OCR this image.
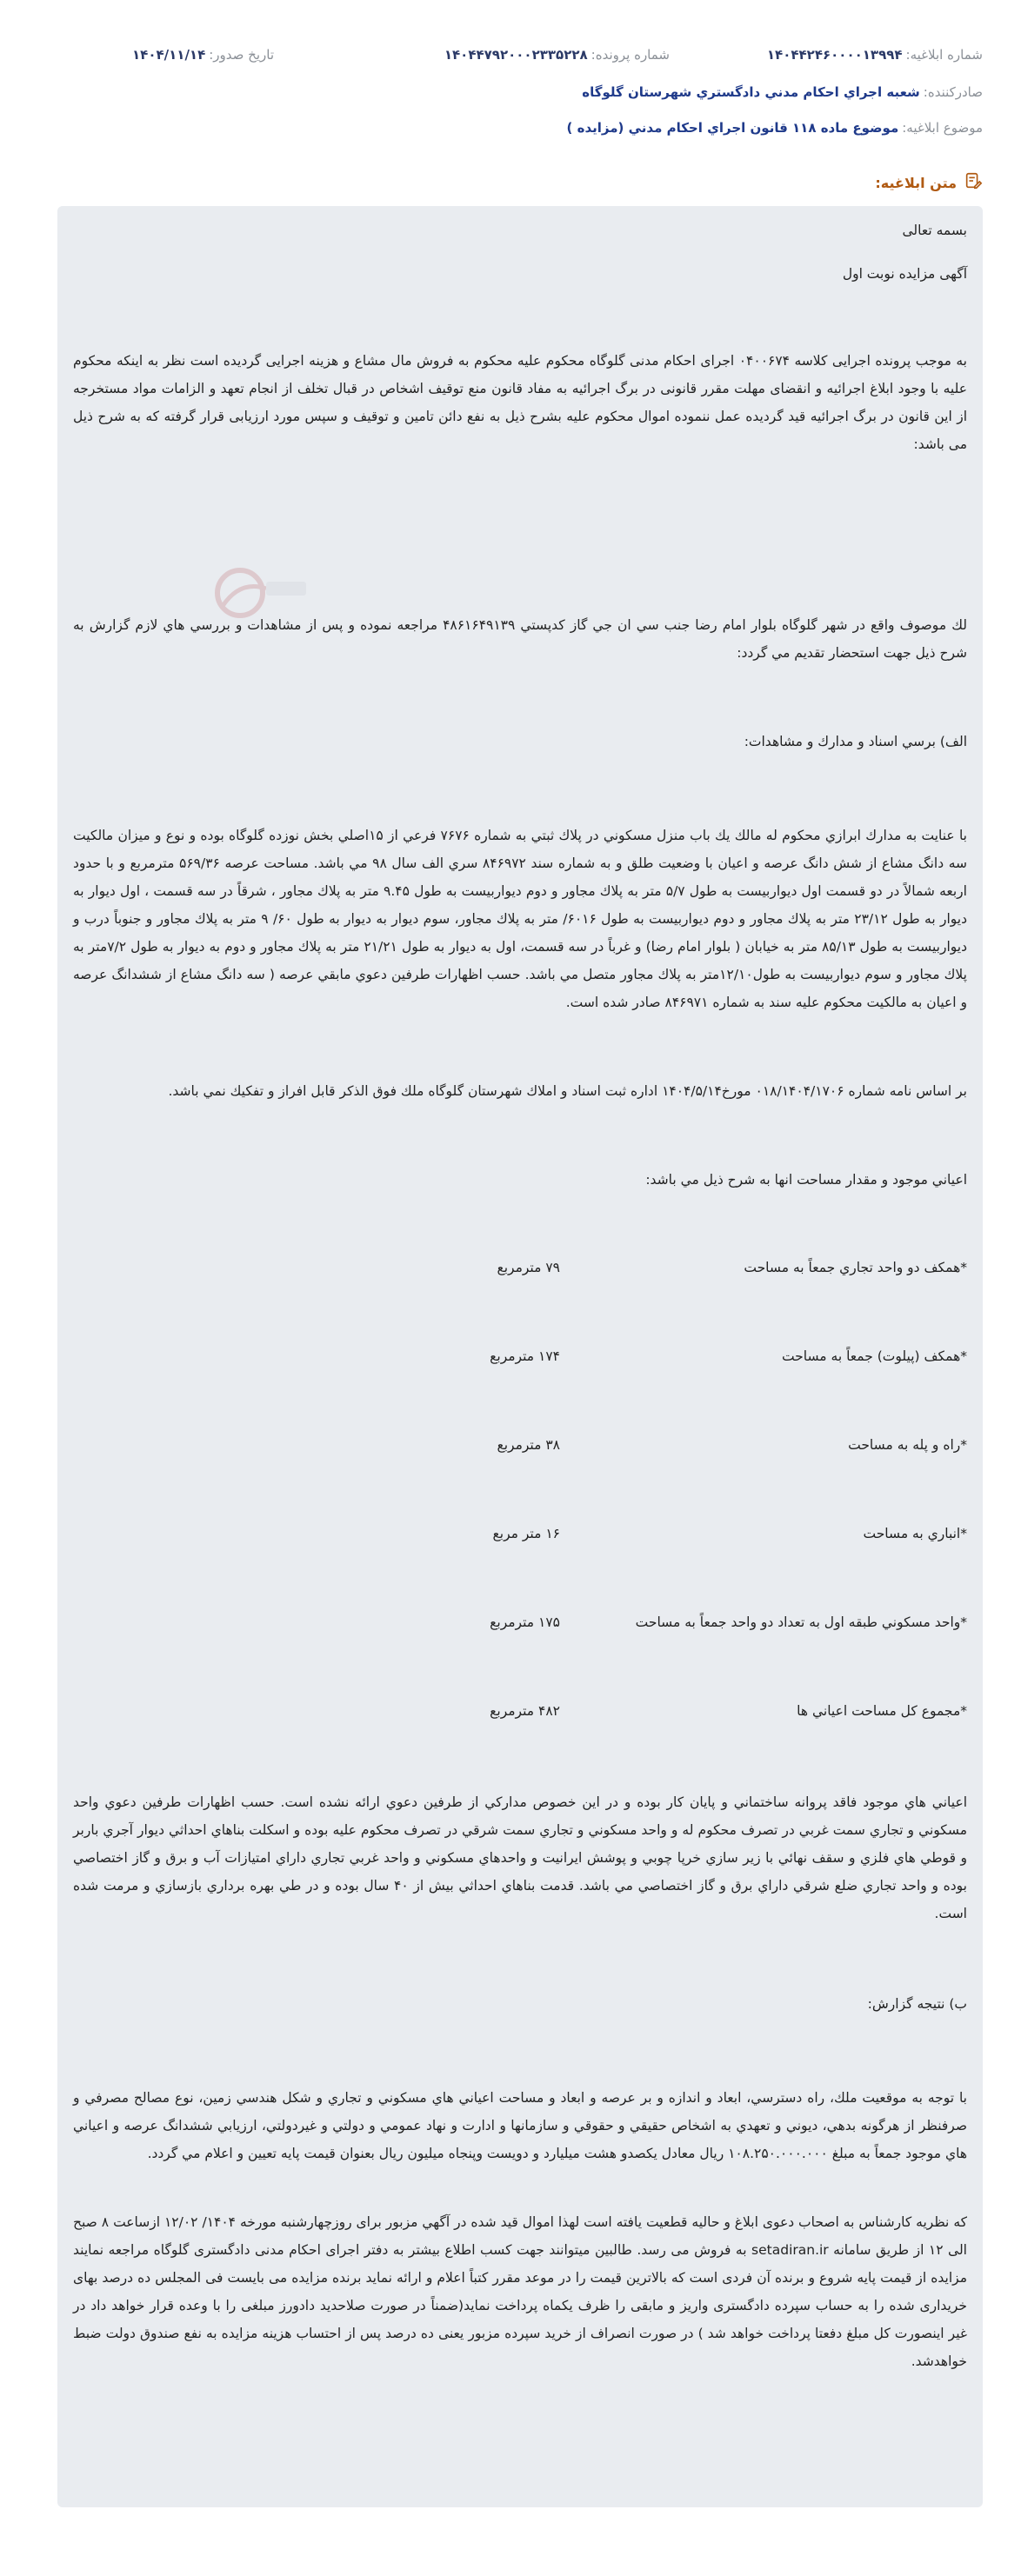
شماره ابلاغيه:
۱۴۰۴۴۲۴۶۰۰۰۰۱۳۹۹۴
شماره پرونده:
۱۴۰۴۴۷۹۲۰۰۰۲۳۳۵۲۲۸
تاريخ صدور:
۱۴۰۴/۱۱/۱۴
صادرکننده:
شعبه اجراي احکام مدني دادگستري شهرستان گلوگاه
موضوع ابلاغيه:
موضوع ماده ۱۱۸ قانون اجراي احکام مدني (مزايده )
متن ابلاغيه:
بسمه تعالی
آگهی مزایده نوبت اول
به موجب پرونده اجرایی کلاسه ۰۴۰۰۶۷۴ اجرای احکام مدنی گلوگاه محکوم علیه محکوم به فروش مال مشاع و هزینه اجرایی گردیده است نظر به اینکه محکوم علیه با وجود ابلاغ اجرائیه و انقضای مهلت مقرر قانونی در برگ اجرائیه به مفاد قانون منع توقیف اشخاص در قبال تخلف از انجام تعهد و الزامات مواد مستخرجه از این قانون در برگ اجرائیه قید گردیده عمل ننموده اموال محکوم علیه بشرح ذیل به نفع دائن تامین و توقیف و سپس مورد ارزیابی قرار گرفته که به شرح ذیل می باشد:
لك موصوف واقع در شهر گلوگاه بلوار امام رضا جنب سي ان جي گاز کدپستي ۴۸۶۱۶۴۹۱۳۹ مراجعه نموده و پس از مشاهدات و بررسي هاي لازم گزارش به شرح ذيل جهت استحضار تقديم مي گردد:
الف) برسي اسناد و مدارك و مشاهدات:
با عنايت به مدارك ابرازي محكوم له مالك يك باب منزل مسكوني در پلاك ثبتي به شماره ۷۶۷۶ فرعي از ۱۵اصلي بخش نوزده گلوگاه بوده و نوع و ميزان مالكيت سه دانگ مشاع از شش دانگ عرصه و اعيان با وضعيت طلق و به شماره سند ۸۴۶۹۷۲ سري الف سال ۹۸ مي باشد. مساحت عرصه ۵۶۹/۳۶ مترمربع و با حدود اربعه شمالاً در دو قسمت اول ديواربيست به طول ۵/۷ متر به پلاك مجاور و دوم ديواربيست به طول ۹.۴۵ متر به پلاك مجاور ، شرقاً در سه قسمت ، اول ديوار به ديوار به طول ۲۳/۱۲ متر به پلاك مجاور و دوم ديواربيست به طول ۶۰۱۶/ متر به پلاك مجاور، سوم ديوار به ديوار به طول ۶۰/ ۹ متر به پلاك مجاور و جنوباً درب و ديواربيست به طول ۸۵/۱۳ متر به خيابان ( بلوار امام رضا) و غرباً در سه قسمت، اول به ديوار به طول ۲۱/۲۱ متر به پلاك مجاور و دوم به ديوار به طول ۷/۲متر به پلاك مجاور و سوم ديواربيست به طول۱۲/۱۰متر به پلاك مجاور متصل مي باشد. حسب اظهارات طرفين دعوي مابقي عرصه ( سه دانگ مشاع از ششدانگ عرصه و اعيان به مالكيت محكوم عليه سند به شماره ۸۴۶۹۷۱ صادر شده است.
بر اساس نامه شماره ۰۱۸/۱۴۰۴/۱۷۰۶ مورخ۱۴۰۴/۵/۱۴ اداره ثبت اسناد و املاك شهرستان گلوگاه ملك فوق الذكر قابل افراز و تفكيك نمي باشد.
اعياني موجود و مقدار مساحت انها به شرح ذيل مي باشد:
*همكف دو واحد تجاري جمعاً به مساحت
۷۹ مترمربع
*همكف (پيلوت) جمعاً به مساحت
۱۷۴ مترمربع
*راه و پله به مساحت
۳۸ مترمربع
*انباري به مساحت
۱۶ متر مربع
*واحد مسكوني طبقه اول به تعداد دو واحد جمعاً به مساحت
۱۷۵ مترمربع
*مجموع كل مساحت اعياني ها
۴۸۲ مترمربع
اعياني هاي موجود فاقد پروانه ساختماني و پايان كار بوده و در اين خصوص مداركي از طرفين دعوي ارائه نشده است. حسب اظهارات طرفين دعوي واحد مسكوني و تجاري سمت غربي در تصرف محكوم له و واحد مسكوني و تجاري سمت شرقي در تصرف محكوم عليه بوده و اسكلت بناهاي احداثي ديوار آجري باربر و قوطي هاي فلزي و سقف نهائي با زير سازي خرپا چوبي و پوشش ايرانيت و واحدهاي مسكوني و واحد غربي تجاري داراي امتيازات آب و برق و گاز اختصاصي بوده و واحد تجاري ضلع شرقي داراي برق و گاز اختصاصي مي باشد. قدمت بناهاي احداثي بيش از ۴۰ سال بوده و در طي بهره برداري بازسازي و مرمت شده است.
ب) نتيجه گزارش:
با توجه به موقعيت ملك، راه دسترسي، ابعاد و اندازه و بر عرصه و ابعاد و مساحت اعياني هاي مسكوني و تجاري و شكل هندسي زمين، نوع مصالح مصرفي و صرفنظر از هرگونه بدهي، ديوني و تعهدي به اشخاص حقيقي و حقوقي و سازمانها و ادارت و نهاد عمومي و دولتي و غيردولتي، ارزيابي ششدانگ عرصه و اعياني هاي موجود جمعاً به مبلغ ۱۰۸.۲۵۰.۰۰۰.۰۰۰ ريال معادل يكصدو هشت ميليارد و دويست وپنجاه ميليون ريال بعنوان قيمت پايه تعيين و اعلام مي گردد.
كه نظريه كارشناس به اصحاب دعوى ابلاغ و حاليه قطعيت يافته است لهذا اموال قيد شده در آگهي مزبور براى روزچهارشنبه مورخه ۱۴۰۴/ ۱۲/۰۲ ازساعت ۸ صبح الی ۱۲ از طريق سامانه setadiran.ir به فروش مى رسد. طالبين ميتوانند جهت كسب اطلاع بيشتر به دفتر اجراى احكام مدنى دادگسترى گلوگاه مراجعه نمايند مزايده از قيمت پايه شروع و برنده آن فردى است كه بالاترين قيمت را در موعد مقرر كتباً اعلام و ارائه نمايد برنده مزايده مى بايست فى المجلس ده درصد بهاى خريدارى شده را به حساب سپرده دادگسترى واريز و مابقى را ظرف يكماه پرداخت نمايد(ضمناً در صورت صلاحديد دادورز مبلغى را با وعده قرار خواهد داد در غير اينصورت كل مبلغ دفعتا پرداخت خواهد شد ) در صورت انصراف از خريد سپرده مزبور يعنى ده درصد پس از احتساب هزينه مزايده به نفع صندوق دولت ضبط خواهدشد.
